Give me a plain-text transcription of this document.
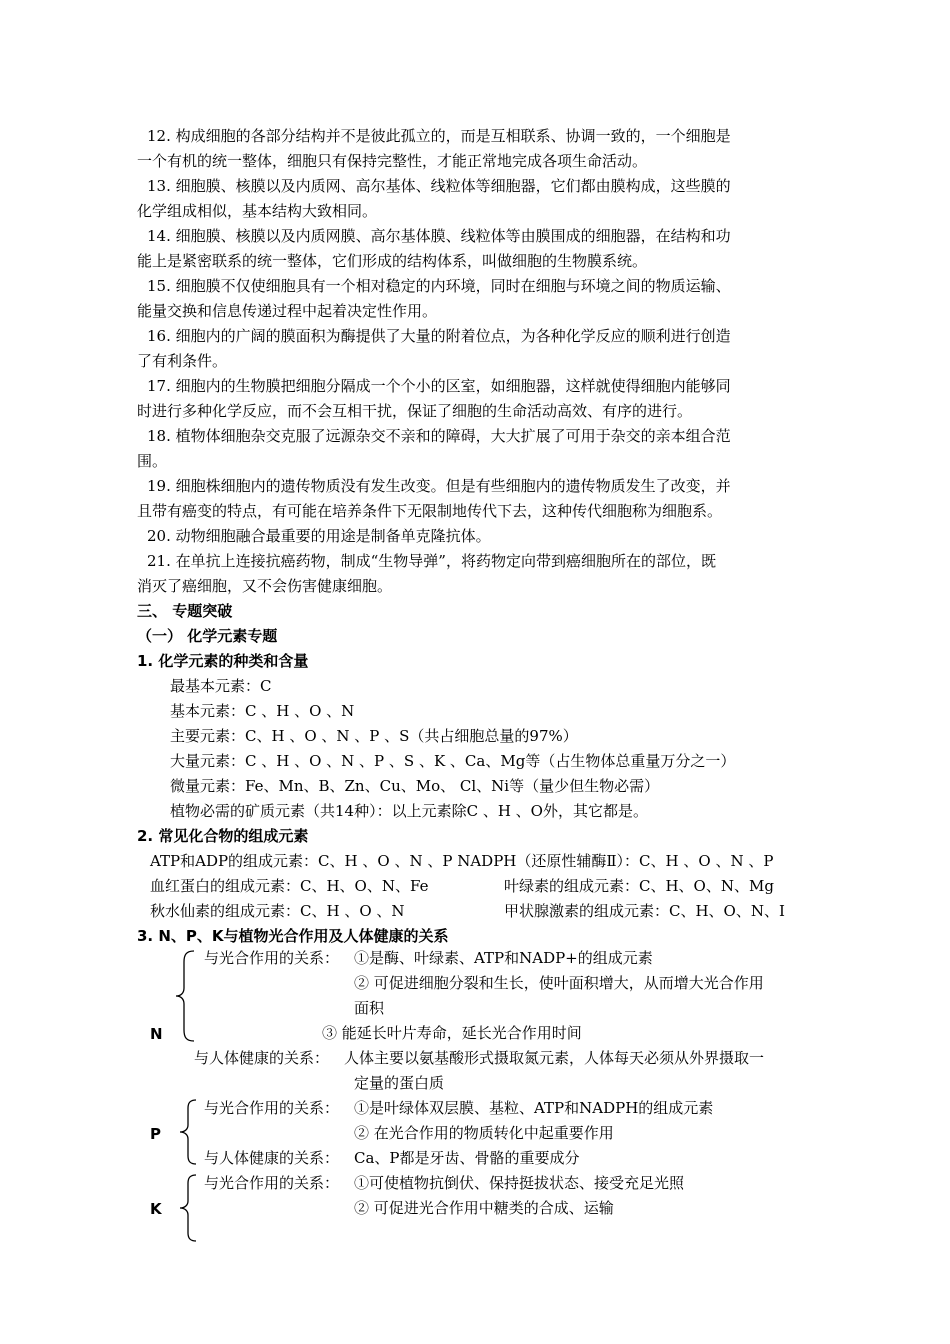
12. 构成细胞的各部分结构并不是彼此孤立的，而是互相联系、协调一致的，一个细胞是
一个有机的统一整体，细胞只有保持完整性，才能正常地完成各项生命活动。
13. 细胞膜、核膜以及内质网、高尔基体、线粒体等细胞器，它们都由膜构成，这些膜的
化学组成相似，基本结构大致相同。
14. 细胞膜、核膜以及内质网膜、高尔基体膜、线粒体等由膜围成的细胞器，在结构和功
能上是紧密联系的统一整体，它们形成的结构体系，叫做细胞的生物膜系统。
15. 细胞膜不仅使细胞具有一个相对稳定的内环境，同时在细胞与环境之间的物质运输、
能量交换和信息传递过程中起着决定性作用。
16. 细胞内的广阔的膜面积为酶提供了大量的附着位点，为各种化学反应的顺利进行创造
了有利条件。
17. 细胞内的生物膜把细胞分隔成一个个小的区室，如细胞器，这样就使得细胞内能够同
时进行多种化学反应，而不会互相干扰，保证了细胞的生命活动高效、有序的进行。
18. 植物体细胞杂交克服了远源杂交不亲和的障碍，大大扩展了可用于杂交的亲本组合范
围。
19. 细胞株细胞内的遗传物质没有发生改变。但是有些细胞内的遗传物质发生了改变，并
且带有癌变的特点，有可能在培养条件下无限制地传代下去，这种传代细胞称为细胞系。
20. 动物细胞融合最重要的用途是制备单克隆抗体。
21. 在单抗上连接抗癌药物，制成“生物导弹”，将药物定向带到癌细胞所在的部位，既
消灭了癌细胞，又不会伤害健康细胞。
三、 专题突破
（一） 化学元素专题
1. 化学元素的种类和含量
最基本元素：C
基本元素：C 、H 、O 、N
主要元素：C、H 、O 、N 、P 、S（共占细胞总量的97%）
大量元素：C 、H 、O 、N 、P 、S 、K 、Ca、Mg等（占生物体总重量万分之一）
微量元素：Fe、Mn、B、Zn、Cu、Mo、 Cl、Ni等（量少但生物必需）
植物必需的矿质元素（共14种）：以上元素除C 、H 、O外，其它都是。
2. 常见化合物的组成元素
ATP和ADP的组成元素：C、H 、O 、N 、P NADPH（还原性辅酶Ⅱ）：C、H 、O 、N 、P
血红蛋白的组成元素：C、H、O、N、Fe	叶绿素的组成元素：C、H、O、N、Mg
秋水仙素的组成元素：C、H 、O 、N	甲状腺激素的组成元素：C、H、O、N、I
3. N、P、K与植物光合作用及人体健康的关系
N
与光合作用的关系： ①是酶、叶绿素、ATP和NADP+的组成元素
② 可促进细胞分裂和生长，使叶面积增大，从而增大光合作用
面积
③ 能延长叶片寿命，延长光合作用时间
与人体健康的关系： 人体主要以氨基酸形式摄取氮元素，人体每天必须从外界摄取一
定量的蛋白质
P
与光合作用的关系： ①是叶绿体双层膜、基粒、ATP和NADPH的组成元素
② 在光合作用的物质转化中起重要作用
与人体健康的关系： Ca、P都是牙齿、骨骼的重要成分
K
与光合作用的关系： ①可使植物抗倒伏、保持挺拔状态、接受充足光照
② 可促进光合作用中糖类的合成、运输
